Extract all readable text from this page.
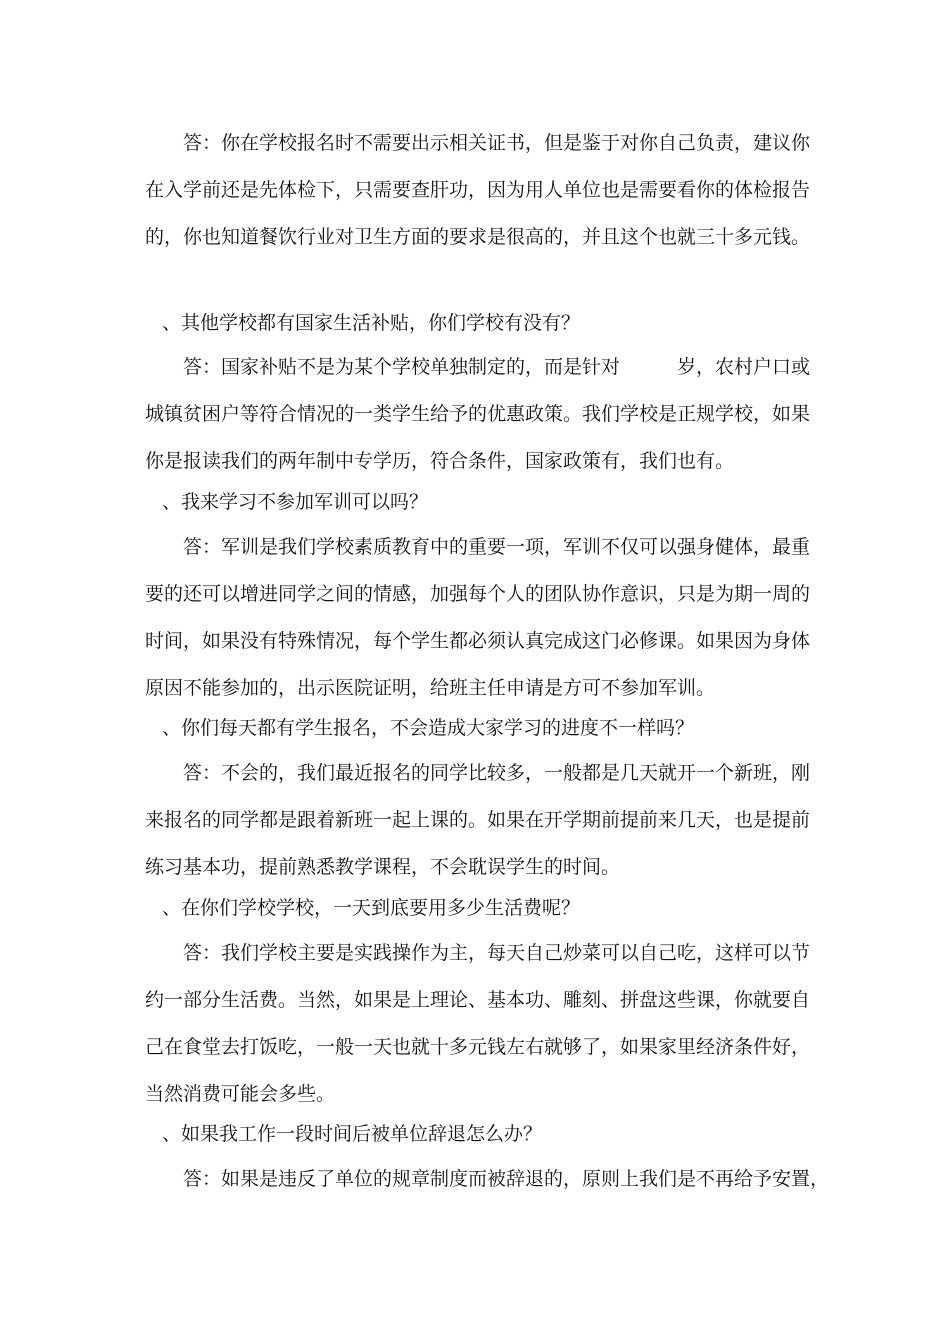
答：你在学校报名时不需要出示相关证书，但是鉴于对你自己负责，建议你
在入学前还是先体检下，只需要查肝功，因为用人单位也是需要看你的体检报告
的，你也知道餐饮行业对卫生方面的要求是很高的，并且这个也就三十多元钱。
、其他学校都有国家生活补贴，你们学校有没有？
答：国家补贴不是为某个学校单独制定的，而是针对	岁，农村户口或
城镇贫困户等符合情况的一类学生给予的优惠政策。我们学校是正规学校，如果
你是报读我们的两年制中专学历，符合条件，国家政策有，我们也有。
、我来学习不参加军训可以吗？
答：军训是我们学校素质教育中的重要一项，军训不仅可以强身健体，最重
要的还可以增进同学之间的情感，加强每个人的团队协作意识，只是为期一周的
时间，如果没有特殊情况，每个学生都必须认真完成这门必修课。如果因为身体
原因不能参加的，出示医院证明，给班主任申请是方可不参加军训。
、你们每天都有学生报名，不会造成大家学习的进度不一样吗？
答：不会的，我们最近报名的同学比较多，一般都是几天就开一个新班，刚
来报名的同学都是跟着新班一起上课的。如果在开学期前提前来几天，也是提前
练习基本功，提前熟悉教学课程，不会耽误学生的时间。
、在你们学校学校，一天到底要用多少生活费呢？
答：我们学校主要是实践操作为主，每天自己炒菜可以自己吃，这样可以节
约一部分生活费。当然，如果是上理论、基本功、雕刻、拼盘这些课，你就要自
己在食堂去打饭吃，一般一天也就十多元钱左右就够了，如果家里经济条件好，
当然消费可能会多些。
、如果我工作一段时间后被单位辞退怎么办？
答：如果是违反了单位的规章制度而被辞退的，原则上我们是不再给予安置，
